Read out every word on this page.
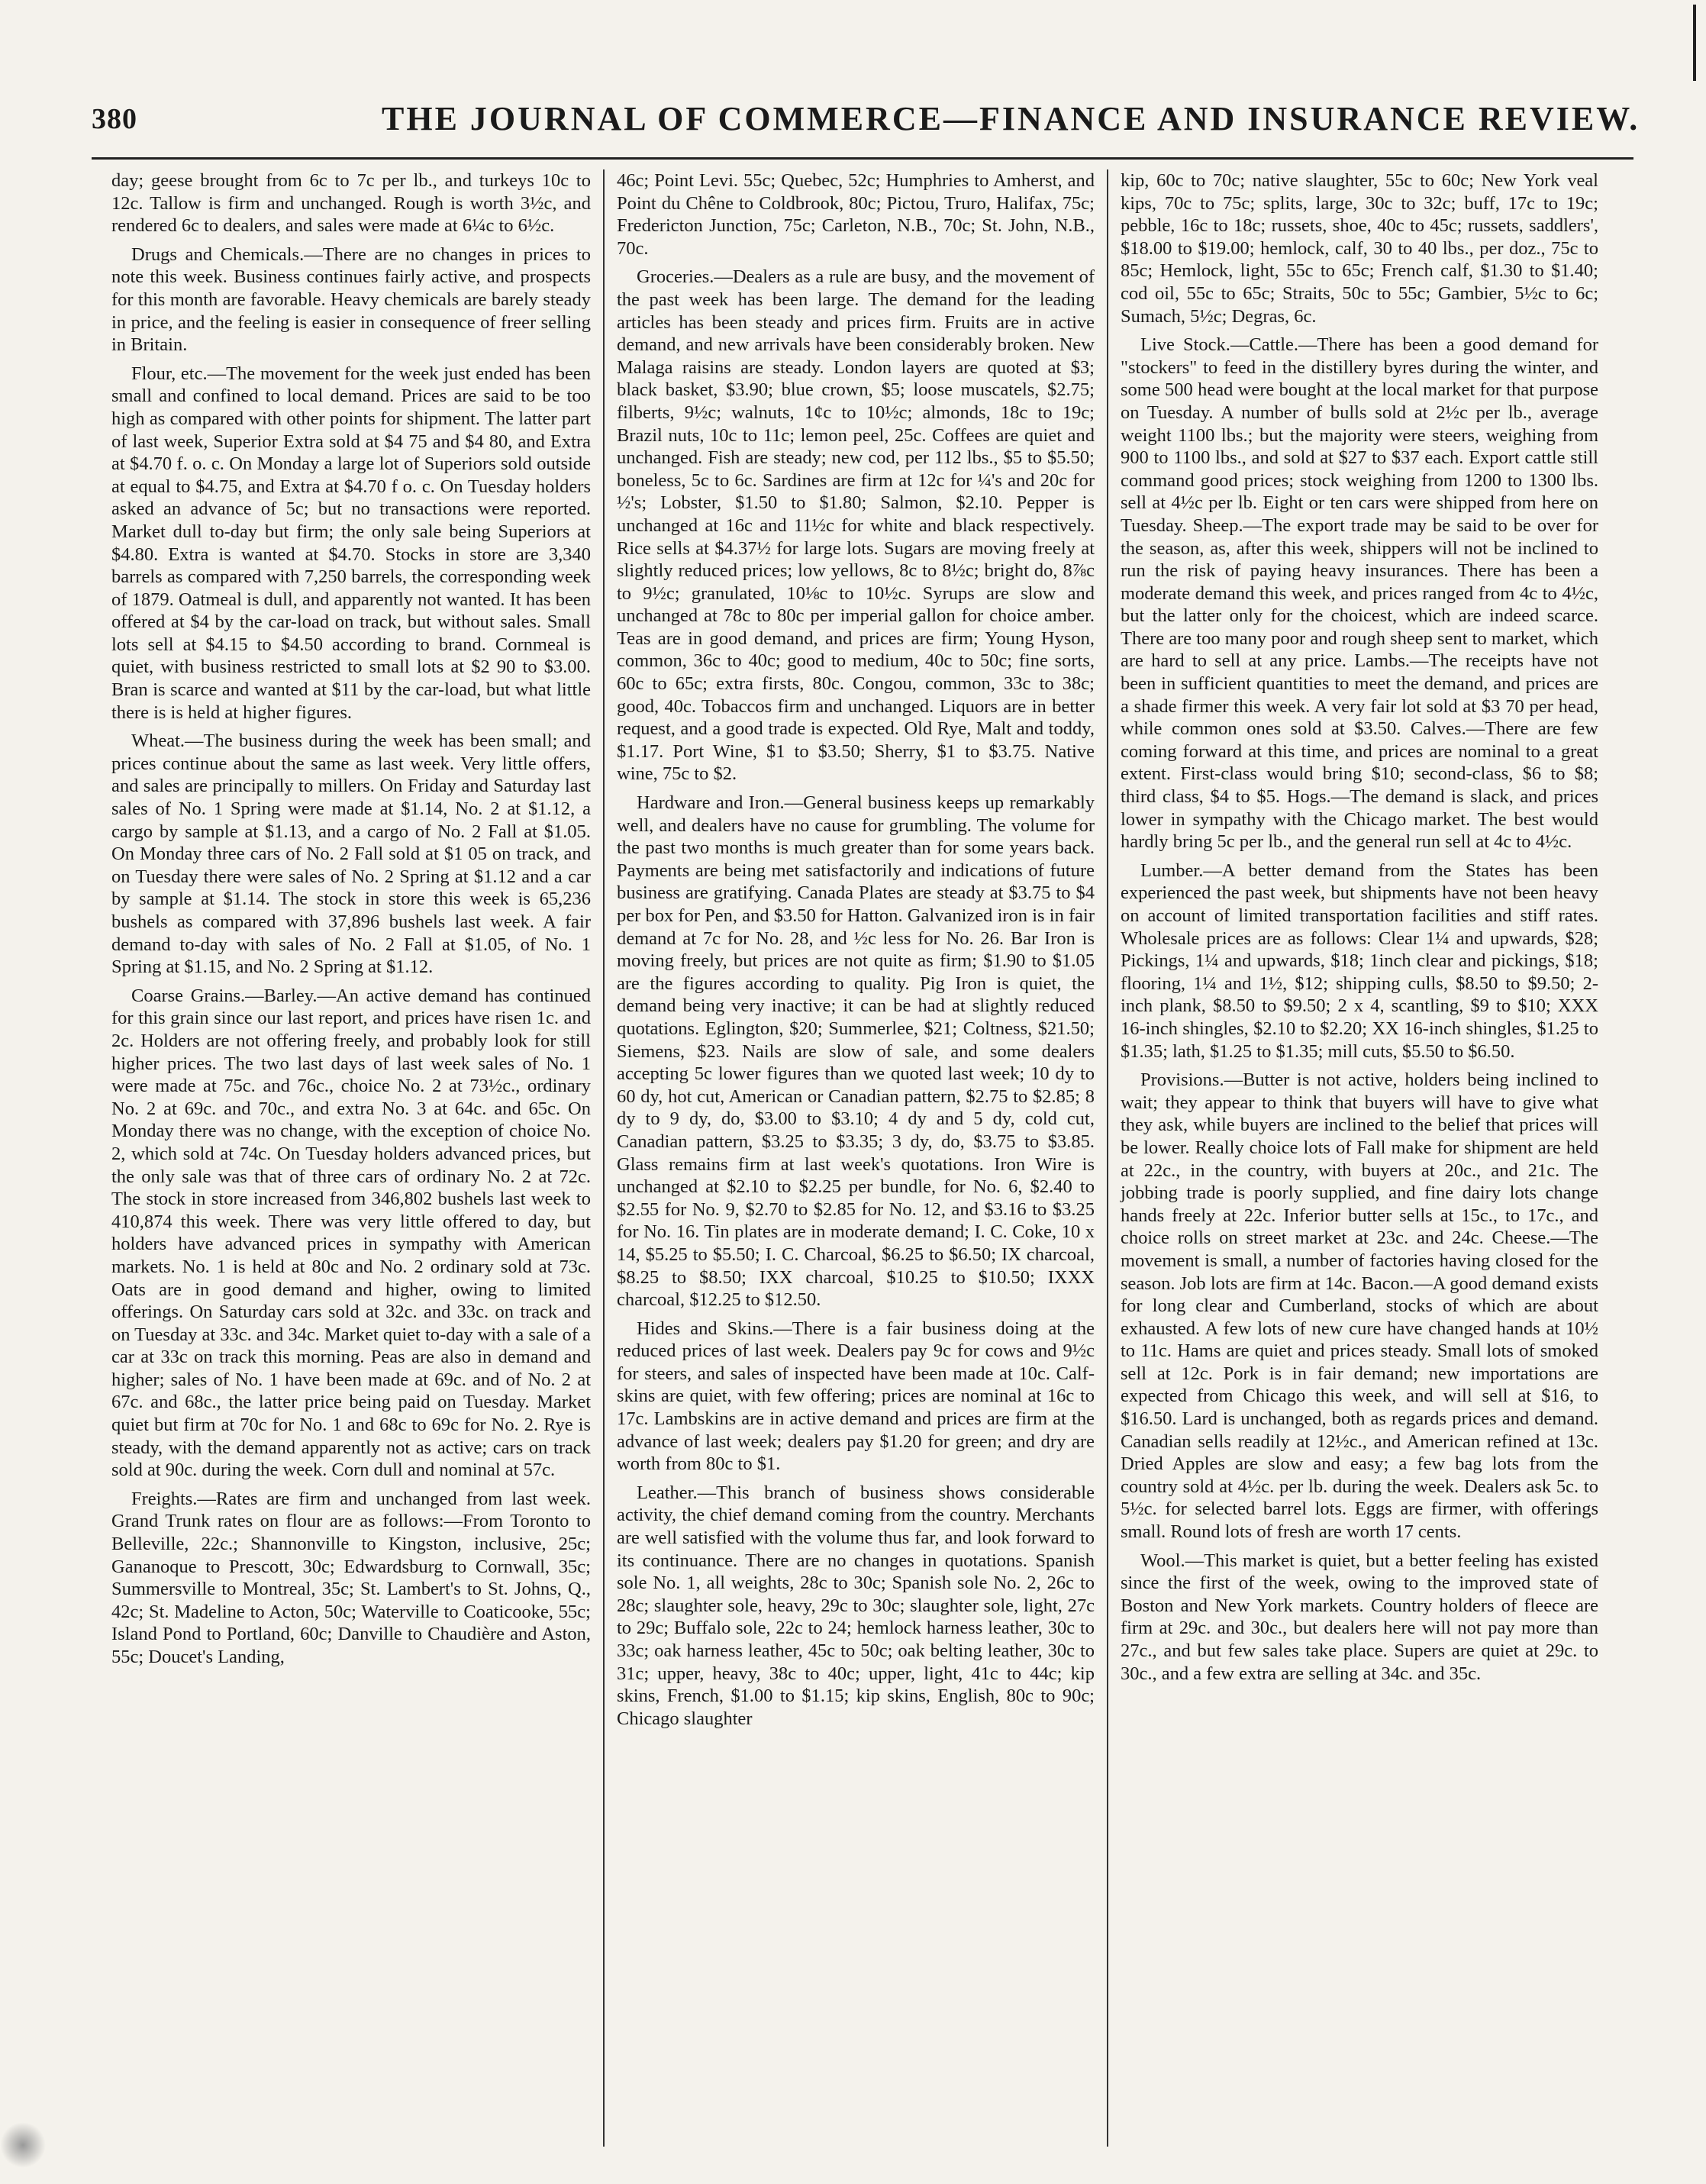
380	THE JOURNAL OF COMMERCE—FINANCE AND INSURANCE REVIEW.

day; geese brought from 6c to 7c per lb., and turkeys 10c to 12c. Tallow is firm and unchanged. Rough is worth 3½c, and rendered 6c to dealers, and sales were made at 6¼c to 6½c.

Drugs and Chemicals.—There are no changes in prices to note this week. Business continues fairly active, and prospects for this month are favorable. Heavy chemicals are barely steady in price, and the feeling is easier in consequence of freer selling in Britain.

Flour, etc.—The movement for the week just ended has been small and confined to local demand. Prices are said to be too high as compared with other points for shipment. The latter part of last week, Superior Extra sold at $4 75 and $4 80, and Extra at $4.70 f. o. c. On Monday a large lot of Superiors sold outside at equal to $4.75, and Extra at $4.70 f o. c. On Tuesday holders asked an advance of 5c; but no transactions were reported. Market dull to-day but firm; the only sale being Superiors at $4.80. Extra is wanted at $4.70. Stocks in store are 3,340 barrels as compared with 7,250 barrels, the corresponding week of 1879. Oatmeal is dull, and apparently not wanted. It has been offered at $4 by the car-load on track, but without sales. Small lots sell at $4.15 to $4.50 according to brand. Cornmeal is quiet, with business restricted to small lots at $2 90 to $3.00. Bran is scarce and wanted at $11 by the car-load, but what little there is is held at higher figures.

Wheat.—The business during the week has been small; and prices continue about the same as last week. Very little offers, and sales are principally to millers. On Friday and Saturday last sales of No. 1 Spring were made at $1.14, No. 2 at $1.12, a cargo by sample at $1.13, and a cargo of No. 2 Fall at $1.05. On Monday three cars of No. 2 Fall sold at $1 05 on track, and on Tuesday there were sales of No. 2 Spring at $1.12 and a car by sample at $1.14. The stock in store this week is 65,236 bushels as compared with 37,896 bushels last week. A fair demand to-day with sales of No. 2 Fall at $1.05, of No. 1 Spring at $1.15, and No. 2 Spring at $1.12.

Coarse Grains.—Barley.—An active demand has continued for this grain since our last report, and prices have risen 1c. and 2c. Holders are not offering freely, and probably look for still higher prices. The two last days of last week sales of No. 1 were made at 75c. and 76c., choice No. 2 at 73½c., ordinary No. 2 at 69c. and 70c., and extra No. 3 at 64c. and 65c. On Monday there was no change, with the exception of choice No. 2, which sold at 74c. On Tuesday holders advanced prices, but the only sale was that of three cars of ordinary No. 2 at 72c. The stock in store increased from 346,802 bushels last week to 410,874 this week. There was very little offered to day, but holders have advanced prices in sympathy with American markets. No. 1 is held at 80c and No. 2 ordinary sold at 73c. Oats are in good demand and higher, owing to limited offerings. On Saturday cars sold at 32c. and 33c. on track and on Tuesday at 33c. and 34c. Market quiet to-day with a sale of a car at 33c on track this morning. Peas are also in demand and higher; sales of No. 1 have been made at 69c. and of No. 2 at 67c. and 68c., the latter price being paid on Tuesday. Market quiet but firm at 70c for No. 1 and 68c to 69c for No. 2. Rye is steady, with the demand apparently not as active; cars on track sold at 90c. during the week. Corn dull and nominal at 57c.

Freights.—Rates are firm and unchanged from last week. Grand Trunk rates on flour are as follows:—From Toronto to Belleville, 22c.; Shannonville to Kingston, inclusive, 25c; Gananoque to Prescott, 30c; Edwardsburg to Cornwall, 35c; Summersville to Montreal, 35c; St. Lambert's to St. Johns, Q., 42c; St. Madeline to Acton, 50c; Waterville to Coaticooke, 55c; Island Pond to Portland, 60c; Danville to Chaudière and Aston, 55c; Doucet's Landing,

46c; Point Levi. 55c; Quebec, 52c; Humphries to Amherst, and Point du Chêne to Coldbrook, 80c; Pictou, Truro, Halifax, 75c; Fredericton Junction, 75c; Carleton, N.B., 70c; St. John, N.B., 70c.

Groceries.—Dealers as a rule are busy, and the movement of the past week has been large. The demand for the leading articles has been steady and prices firm. Fruits are in active demand, and new arrivals have been considerably broken. New Malaga raisins are steady. London layers are quoted at $3; black basket, $3.90; blue crown, $5; loose muscatels, $2.75; filberts, 9½c; walnuts, 1¢c to 10½c; almonds, 18c to 19c; Brazil nuts, 10c to 11c; lemon peel, 25c. Coffees are quiet and unchanged. Fish are steady; new cod, per 112 lbs., $5 to $5.50; boneless, 5c to 6c. Sardines are firm at 12c for ¼'s and 20c for ½'s; Lobster, $1.50 to $1.80; Salmon, $2.10. Pepper is unchanged at 16c and 11½c for white and black respectively. Rice sells at $4.37½ for large lots. Sugars are moving freely at slightly reduced prices; low yellows, 8c to 8½c; bright do, 8⅞c to 9½c; granulated, 10⅛c to 10½c. Syrups are slow and unchanged at 78c to 80c per imperial gallon for choice amber. Teas are in good demand, and prices are firm; Young Hyson, common, 36c to 40c; good to medium, 40c to 50c; fine sorts, 60c to 65c; extra firsts, 80c. Congou, common, 33c to 38c; good, 40c. Tobaccos firm and unchanged. Liquors are in better request, and a good trade is expected. Old Rye, Malt and toddy, $1.17. Port Wine, $1 to $3.50; Sherry, $1 to $3.75. Native wine, 75c to $2.

Hardware and Iron.—General business keeps up remarkably well, and dealers have no cause for grumbling. The volume for the past two months is much greater than for some years back. Payments are being met satisfactorily and indications of future business are gratifying. Canada Plates are steady at $3.75 to $4 per box for Pen, and $3.50 for Hatton. Galvanized iron is in fair demand at 7c for No. 28, and ½c less for No. 26. Bar Iron is moving freely, but prices are not quite as firm; $1.90 to $1.05 are the figures according to quality. Pig Iron is quiet, the demand being very inactive; it can be had at slightly reduced quotations. Eglington, $20; Summerlee, $21; Coltness, $21.50; Siemens, $23. Nails are slow of sale, and some dealers accepting 5c lower figures than we quoted last week; 10 dy to 60 dy, hot cut, American or Canadian pattern, $2.75 to $2.85; 8 dy to 9 dy, do, $3.00 to $3.10; 4 dy and 5 dy, cold cut, Canadian pattern, $3.25 to $3.35; 3 dy, do, $3.75 to $3.85. Glass remains firm at last week's quotations. Iron Wire is unchanged at $2.10 to $2.25 per bundle, for No. 6, $2.40 to $2.55 for No. 9, $2.70 to $2.85 for No. 12, and $3.16 to $3.25 for No. 16. Tin plates are in moderate demand; I. C. Coke, 10 x 14, $5.25 to $5.50; I. C. Charcoal, $6.25 to $6.50; IX charcoal, $8.25 to $8.50; IXX charcoal, $10.25 to $10.50; IXXX charcoal, $12.25 to $12.50.

Hides and Skins.—There is a fair business doing at the reduced prices of last week. Dealers pay 9c for cows and 9½c for steers, and sales of inspected have been made at 10c. Calf-skins are quiet, with few offering; prices are nominal at 16c to 17c. Lambskins are in active demand and prices are firm at the advance of last week; dealers pay $1.20 for green; and dry are worth from 80c to $1.

Leather.—This branch of business shows considerable activity, the chief demand coming from the country. Merchants are well satisfied with the volume thus far, and look forward to its continuance. There are no changes in quotations. Spanish sole No. 1, all weights, 28c to 30c; Spanish sole No. 2, 26c to 28c; slaughter sole, heavy, 29c to 30c; slaughter sole, light, 27c to 29c; Buffalo sole, 22c to 24; hemlock harness leather, 30c to 33c; oak harness leather, 45c to 50c; oak belting leather, 30c to 31c; upper, heavy, 38c to 40c; upper, light, 41c to 44c; kip skins, French, $1.00 to $1.15; kip skins, English, 80c to 90c; Chicago slaughter

kip, 60c to 70c; native slaughter, 55c to 60c; New York veal kips, 70c to 75c; splits, large, 30c to 32c; buff, 17c to 19c; pebble, 16c to 18c; russets, shoe, 40c to 45c; russets, saddlers', $18.00 to $19.00; hemlock, calf, 30 to 40 lbs., per doz., 75c to 85c; Hemlock, light, 55c to 65c; French calf, $1.30 to $1.40; cod oil, 55c to 65c; Straits, 50c to 55c; Gambier, 5½c to 6c; Sumach, 5½c; Degras, 6c.

Live Stock.—Cattle.—There has been a good demand for "stockers" to feed in the distillery byres during the winter, and some 500 head were bought at the local market for that purpose on Tuesday. A number of bulls sold at 2½c per lb., average weight 1100 lbs.; but the majority were steers, weighing from 900 to 1100 lbs., and sold at $27 to $37 each. Export cattle still command good prices; stock weighing from 1200 to 1300 lbs. sell at 4½c per lb. Eight or ten cars were shipped from here on Tuesday. Sheep.—The export trade may be said to be over for the season, as, after this week, shippers will not be inclined to run the risk of paying heavy insurances. There has been a moderate demand this week, and prices ranged from 4c to 4½c, but the latter only for the choicest, which are indeed scarce. There are too many poor and rough sheep sent to market, which are hard to sell at any price. Lambs.—The receipts have not been in sufficient quantities to meet the demand, and prices are a shade firmer this week. A very fair lot sold at $3 70 per head, while common ones sold at $3.50. Calves.—There are few coming forward at this time, and prices are nominal to a great extent. First-class would bring $10; second-class, $6 to $8; third class, $4 to $5. Hogs.—The demand is slack, and prices lower in sympathy with the Chicago market. The best would hardly bring 5c per lb., and the general run sell at 4c to 4½c.

Lumber.—A better demand from the States has been experienced the past week, but shipments have not been heavy on account of limited transportation facilities and stiff rates. Wholesale prices are as follows: Clear 1¼ and upwards, $28; Pickings, 1¼ and upwards, $18; 1inch clear and pickings, $18; flooring, 1¼ and 1½, $12; shipping culls, $8.50 to $9.50; 2-inch plank, $8.50 to $9.50; 2 x 4, scantling, $9 to $10; XXX 16-inch shingles, $2.10 to $2.20; XX 16-inch shingles, $1.25 to $1.35; lath, $1.25 to $1.35; mill cuts, $5.50 to $6.50.

Provisions.—Butter is not active, holders being inclined to wait; they appear to think that buyers will have to give what they ask, while buyers are inclined to the belief that prices will be lower. Really choice lots of Fall make for shipment are held at 22c., in the country, with buyers at 20c., and 21c. The jobbing trade is poorly supplied, and fine dairy lots change hands freely at 22c. Inferior butter sells at 15c., to 17c., and choice rolls on street market at 23c. and 24c. Cheese.—The movement is small, a number of factories having closed for the season. Job lots are firm at 14c. Bacon.—A good demand exists for long clear and Cumberland, stocks of which are about exhausted. A few lots of new cure have changed hands at 10½ to 11c. Hams are quiet and prices steady. Small lots of smoked sell at 12c. Pork is in fair demand; new importations are expected from Chicago this week, and will sell at $16, to $16.50. Lard is unchanged, both as regards prices and demand. Canadian sells readily at 12½c., and American refined at 13c. Dried Apples are slow and easy; a few bag lots from the country sold at 4½c. per lb. during the week. Dealers ask 5c. to 5½c. for selected barrel lots. Eggs are firmer, with offerings small. Round lots of fresh are worth 17 cents.

Wool.—This market is quiet, but a better feeling has existed since the first of the week, owing to the improved state of Boston and New York markets. Country holders of fleece are firm at 29c. and 30c., but dealers here will not pay more than 27c., and but few sales take place. Supers are quiet at 29c. to 30c., and a few extra are selling at 34c. and 35c.
